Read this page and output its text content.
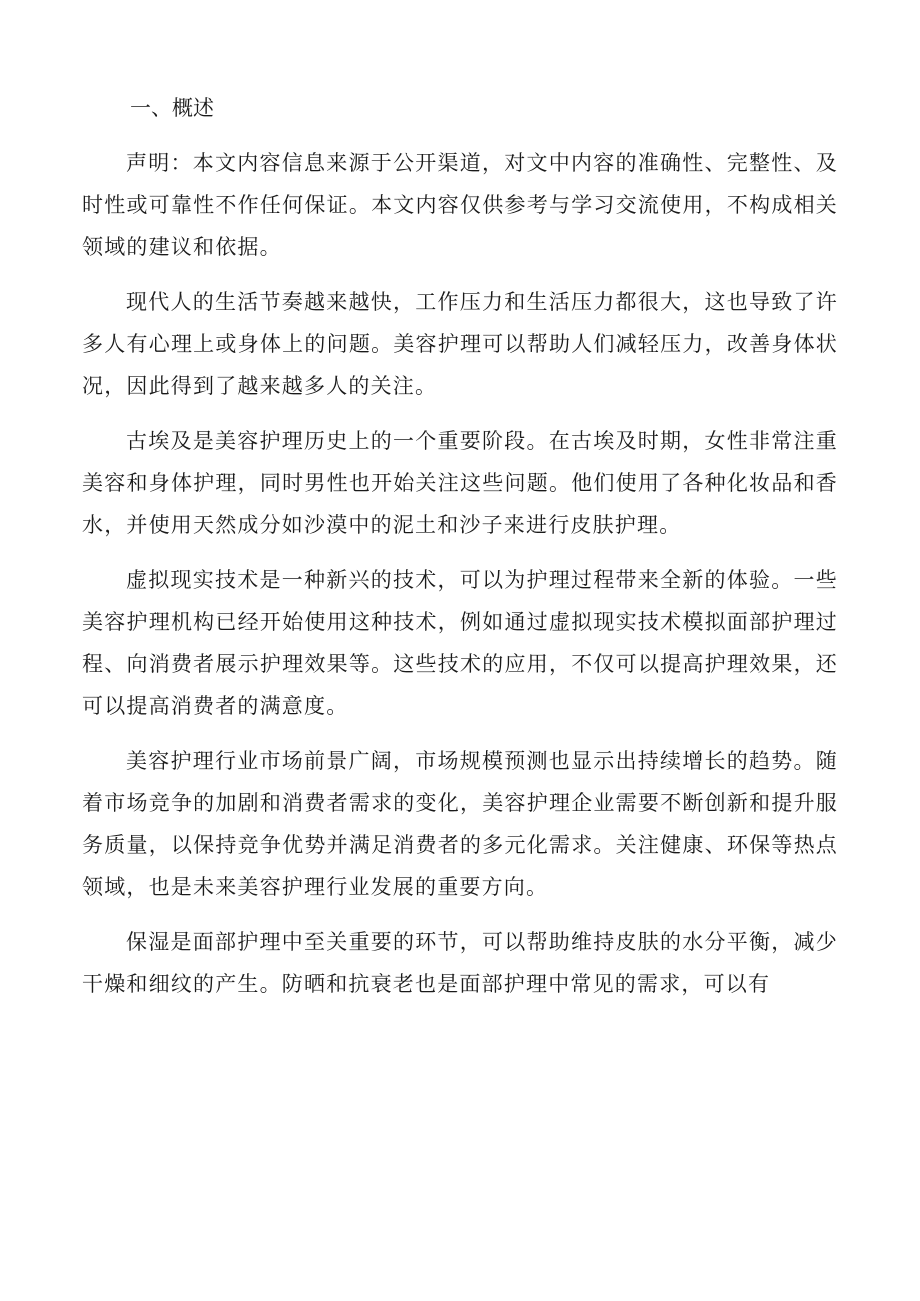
一、概述

声明：本文内容信息来源于公开渠道，对文中内容的准确性、完整性、及时性或可靠性不作任何保证。本文内容仅供参考与学习交流使用，不构成相关领域的建议和依据。

现代人的生活节奏越来越快，工作压力和生活压力都很大，这也导致了许多人有心理上或身体上的问题。美容护理可以帮助人们减轻压力，改善身体状况，因此得到了越来越多人的关注。

古埃及是美容护理历史上的一个重要阶段。在古埃及时期，女性非常注重美容和身体护理，同时男性也开始关注这些问题。他们使用了各种化妆品和香水，并使用天然成分如沙漠中的泥土和沙子来进行皮肤护理。

虚拟现实技术是一种新兴的技术，可以为护理过程带来全新的体验。一些美容护理机构已经开始使用这种技术，例如通过虚拟现实技术模拟面部护理过程、向消费者展示护理效果等。这些技术的应用，不仅可以提高护理效果，还可以提高消费者的满意度。

美容护理行业市场前景广阔，市场规模预测也显示出持续增长的趋势。随着市场竞争的加剧和消费者需求的变化，美容护理企业需要不断创新和提升服务质量，以保持竞争优势并满足消费者的多元化需求。关注健康、环保等热点领域，也是未来美容护理行业发展的重要方向。

保湿是面部护理中至关重要的环节，可以帮助维持皮肤的水分平衡，减少干燥和细纹的产生。防晒和抗衰老也是面部护理中常见的需求，可以有
